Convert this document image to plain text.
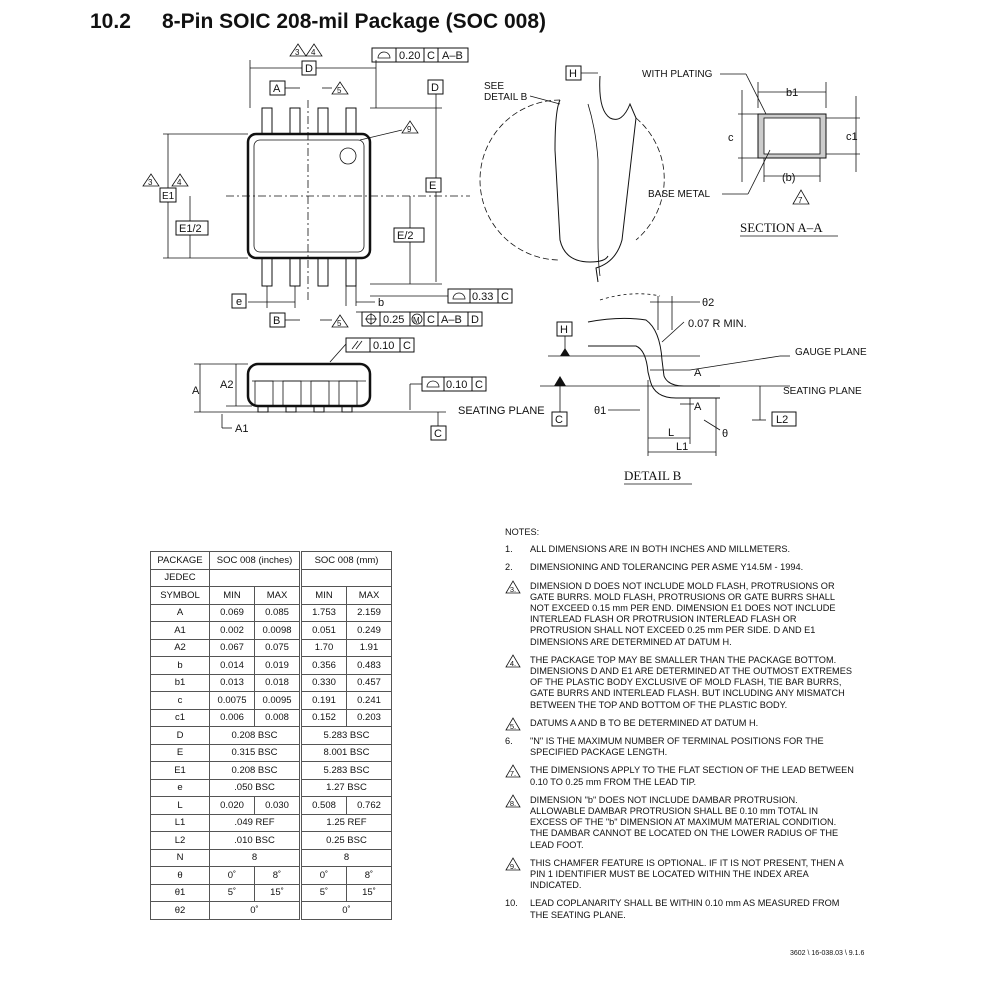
10.2 8-Pin SOIC 208-mil Package (SOC 008)
3 4	0.20 C A–B
D
A	5	D
9
E
E1
3	4
E1/2
E/2
0.33 C
e	b
B	5	0.25 M C A–B D
0.10 C
A A2
A1
0.10 C
SEATING PLANE
C
SEE
DETAIL B
H	WITH PLATING
b1
c	c1
(b)
7
BASE METAL
SECTION A–A
θ2
0.07 R MIN.
H
A
GAUGE PLANE
SEATING PLANE
A
C
θ1
L
L1
θ
L2
DETAIL B
PACKAGE	SOC 008 (inches)			SOC 008 (mm)	
JEDEC					
SYMBOL	MIN	MAX		MIN	MAX
A	0.069	0.085		1.753	2.159
A1	0.002	0.0098		0.051	0.249
A2	0.067	0.075		1.70	1.91
b	0.014	0.019		0.356	0.483
b1	0.013	0.018		0.330	0.457
c	0.0075	0.0095		0.191	0.241
c1	0.006	0.008		0.152	0.203
D	0.208 BSC			5.283 BSC	
E	0.315 BSC			8.001 BSC	
E1	0.208 BSC			5.283 BSC	
e	.050 BSC			1.27 BSC	
L	0.020	0.030		0.508	0.762
L1	.049 REF			1.25 REF	
L2	.010 BSC			0.25 BSC	
N	8			8	
θ	0˚	8˚		0˚	8˚
θ1	5˚	15˚		5˚	15˚
θ2	0˚			0˚	
NOTES:
1.	ALL DIMENSIONS ARE IN BOTH INCHES AND MILLMETERS.
2.	DIMENSIONING AND TOLERANCING PER ASME Y14.5M - 1994.
3.	DIMENSION D DOES NOT INCLUDE MOLD FLASH, PROTRUSIONS OR GATE BURRS. MOLD FLASH, PROTRUSIONS OR GATE BURRS SHALL NOT EXCEED 0.15 mm PER END. DIMENSION E1 DOES NOT INCLUDE INTERLEAD FLASH OR PROTRUSION INTERLEAD FLASH OR PROTRUSION SHALL NOT EXCEED 0.25 mm PER SIDE. D AND E1 DIMENSIONS ARE DETERMINED AT DATUM H.
4.	THE PACKAGE TOP MAY BE SMALLER THAN THE PACKAGE BOTTOM. DIMENSIONS D AND E1 ARE DETERMINED AT THE OUTMOST EXTREMES OF THE PLASTIC BODY EXCLUSIVE OF MOLD FLASH, TIE BAR BURRS, GATE BURRS AND INTERLEAD FLASH. BUT INCLUDING ANY MISMATCH BETWEEN THE TOP AND BOTTOM OF THE PLASTIC BODY.
5.	DATUMS A AND B TO BE DETERMINED AT DATUM H.
6.	"N" IS THE MAXIMUM NUMBER OF TERMINAL POSITIONS FOR THE SPECIFIED PACKAGE LENGTH.
7.	THE DIMENSIONS APPLY TO THE FLAT SECTION OF THE LEAD BETWEEN 0.10 TO 0.25 mm FROM THE LEAD TIP.
8.	DIMENSION "b" DOES NOT INCLUDE DAMBAR PROTRUSION. ALLOWABLE DAMBAR PROTRUSION SHALL BE 0.10 mm TOTAL IN EXCESS OF THE "b" DIMENSION AT MAXIMUM MATERIAL CONDITION. THE DAMBAR CANNOT BE LOCATED ON THE LOWER RADIUS OF THE LEAD FOOT.
9.	THIS CHAMFER FEATURE IS OPTIONAL. IF IT IS NOT PRESENT, THEN A PIN 1 IDENTIFIER MUST BE LOCATED WITHIN THE INDEX AREA INDICATED.
10.	LEAD COPLANARITY SHALL BE WITHIN 0.10 mm AS MEASURED FROM THE SEATING PLANE.
3602 \ 16-038.03 \ 9.1.6
